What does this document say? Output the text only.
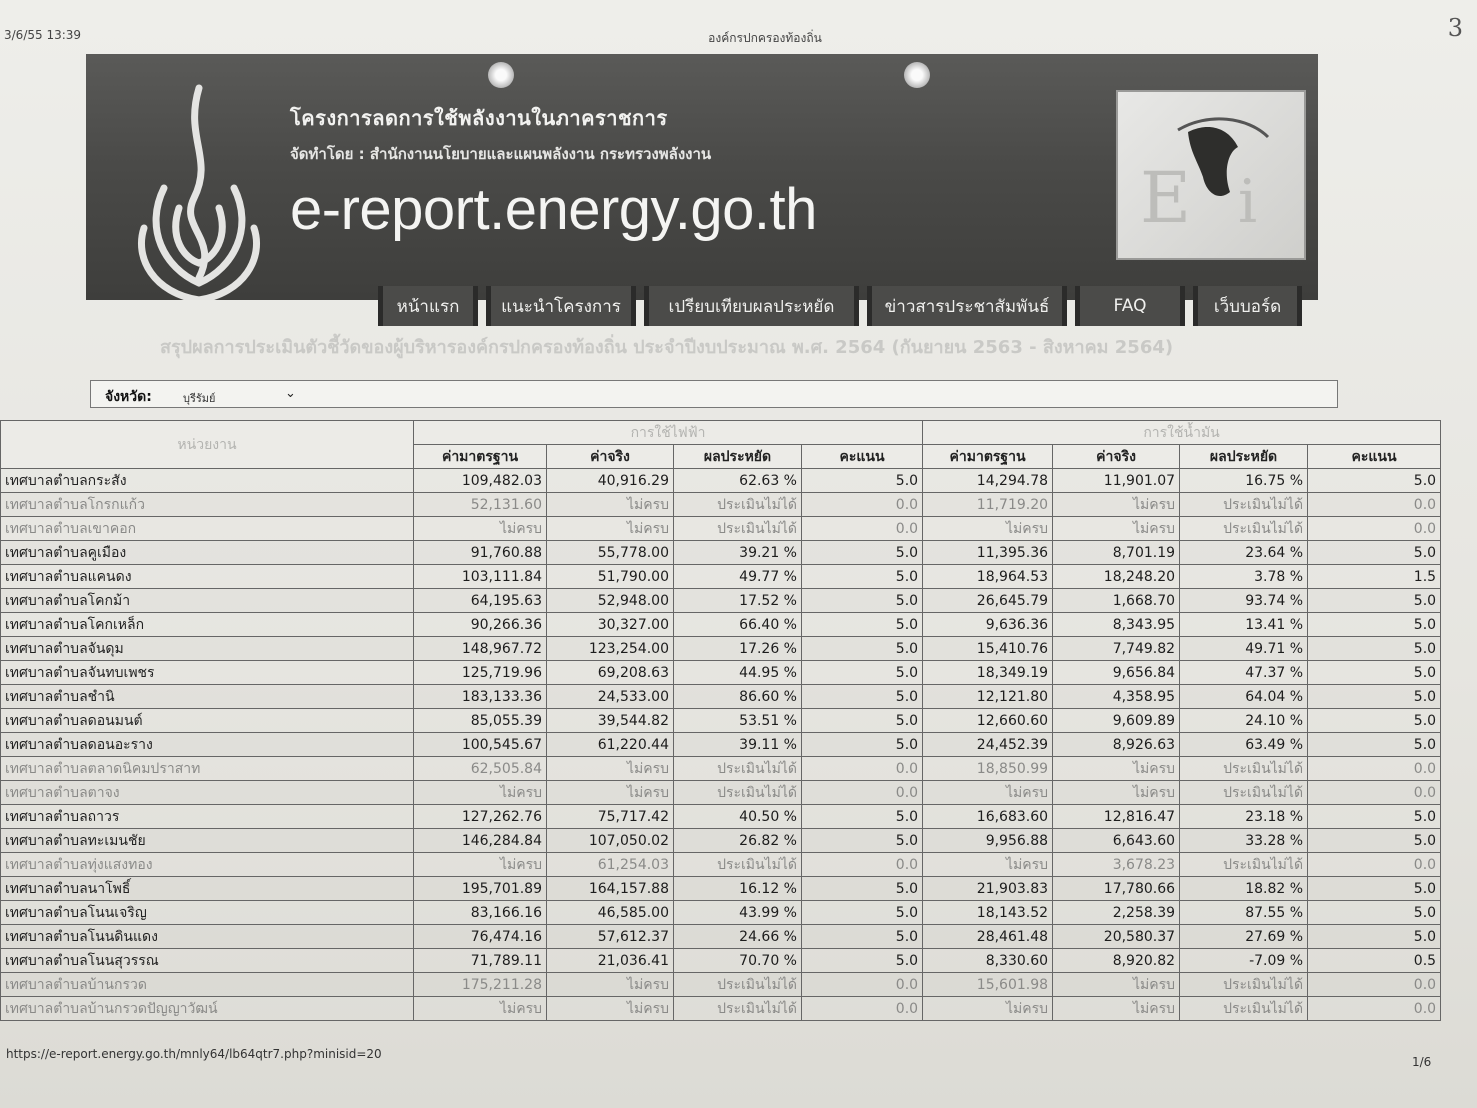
3/6/55 13:39	องค์กรปกครองท้องถิ่น	3
โครงการลดการใช้พลังงานในภาคราชการ
จัดทำโดย : สำนักงานนโยบายและแผนพลังงาน กระทรวงพลังงาน
e-report.energy.go.th	E i
หน้าแรก	แนะนำโครงการ	เปรียบเทียบผลประหยัด	ข่าวสารประชาสัมพันธ์	FAQ	เว็บบอร์ด
สรุปผลการประเมินตัวชี้วัดของผู้บริหารองค์กรปกครองท้องถิ่น ประจำปีงบประมาณ พ.ศ. 2564 (กันยายน 2563 - สิงหาคม 2564)
จังหวัด:	บุรีรัมย์	⌄
หน่วยงาน	การใช้ไฟฟ้า				การใช้น้ำมัน			
	ค่ามาตรฐาน	ค่าจริง	ผลประหยัด	คะแนน	ค่ามาตรฐาน	ค่าจริง	ผลประหยัด	คะแนน
เทศบาลตำบลกระสัง	109,482.03	40,916.29	62.63 %	5.0	14,294.78	11,901.07	16.75 %	5.0
เทศบาลตำบลโกรกแก้ว	52,131.60	ไม่ครบ	ประเมินไม่ได้	0.0	11,719.20	ไม่ครบ	ประเมินไม่ได้	0.0
เทศบาลตำบลเขาคอก	ไม่ครบ	ไม่ครบ	ประเมินไม่ได้	0.0	ไม่ครบ	ไม่ครบ	ประเมินไม่ได้	0.0
เทศบาลตำบลคูเมือง	91,760.88	55,778.00	39.21 %	5.0	11,395.36	8,701.19	23.64 %	5.0
เทศบาลตำบลแคนดง	103,111.84	51,790.00	49.77 %	5.0	18,964.53	18,248.20	3.78 %	1.5
เทศบาลตำบลโคกม้า	64,195.63	52,948.00	17.52 %	5.0	26,645.79	1,668.70	93.74 %	5.0
เทศบาลตำบลโคกเหล็ก	90,266.36	30,327.00	66.40 %	5.0	9,636.36	8,343.95	13.41 %	5.0
เทศบาลตำบลจันดุม	148,967.72	123,254.00	17.26 %	5.0	15,410.76	7,749.82	49.71 %	5.0
เทศบาลตำบลจันทบเพชร	125,719.96	69,208.63	44.95 %	5.0	18,349.19	9,656.84	47.37 %	5.0
เทศบาลตำบลชำนิ	183,133.36	24,533.00	86.60 %	5.0	12,121.80	4,358.95	64.04 %	5.0
เทศบาลตำบลดอนมนต์	85,055.39	39,544.82	53.51 %	5.0	12,660.60	9,609.89	24.10 %	5.0
เทศบาลตำบลดอนอะราง	100,545.67	61,220.44	39.11 %	5.0	24,452.39	8,926.63	63.49 %	5.0
เทศบาลตำบลตลาดนิคมปราสาท	62,505.84	ไม่ครบ	ประเมินไม่ได้	0.0	18,850.99	ไม่ครบ	ประเมินไม่ได้	0.0
เทศบาลตำบลตาจง	ไม่ครบ	ไม่ครบ	ประเมินไม่ได้	0.0	ไม่ครบ	ไม่ครบ	ประเมินไม่ได้	0.0
เทศบาลตำบลถาวร	127,262.76	75,717.42	40.50 %	5.0	16,683.60	12,816.47	23.18 %	5.0
เทศบาลตำบลทะเมนชัย	146,284.84	107,050.02	26.82 %	5.0	9,956.88	6,643.60	33.28 %	5.0
เทศบาลตำบลทุ่งแสงทอง	ไม่ครบ	61,254.03	ประเมินไม่ได้	0.0	ไม่ครบ	3,678.23	ประเมินไม่ได้	0.0
เทศบาลตำบลนาโพธิ์	195,701.89	164,157.88	16.12 %	5.0	21,903.83	17,780.66	18.82 %	5.0
เทศบาลตำบลโนนเจริญ	83,166.16	46,585.00	43.99 %	5.0	18,143.52	2,258.39	87.55 %	5.0
เทศบาลตำบลโนนดินแดง	76,474.16	57,612.37	24.66 %	5.0	28,461.48	20,580.37	27.69 %	5.0
เทศบาลตำบลโนนสุวรรณ	71,789.11	21,036.41	70.70 %	5.0	8,330.60	8,920.82	-7.09 %	0.5
เทศบาลตำบลบ้านกรวด	175,211.28	ไม่ครบ	ประเมินไม่ได้	0.0	15,601.98	ไม่ครบ	ประเมินไม่ได้	0.0
เทศบาลตำบลบ้านกรวดปัญญาวัฒน์	ไม่ครบ	ไม่ครบ	ประเมินไม่ได้	0.0	ไม่ครบ	ไม่ครบ	ประเมินไม่ได้	0.0
https://e-report.energy.go.th/mnly64/lb64qtr7.php?minisid=20
1/6
